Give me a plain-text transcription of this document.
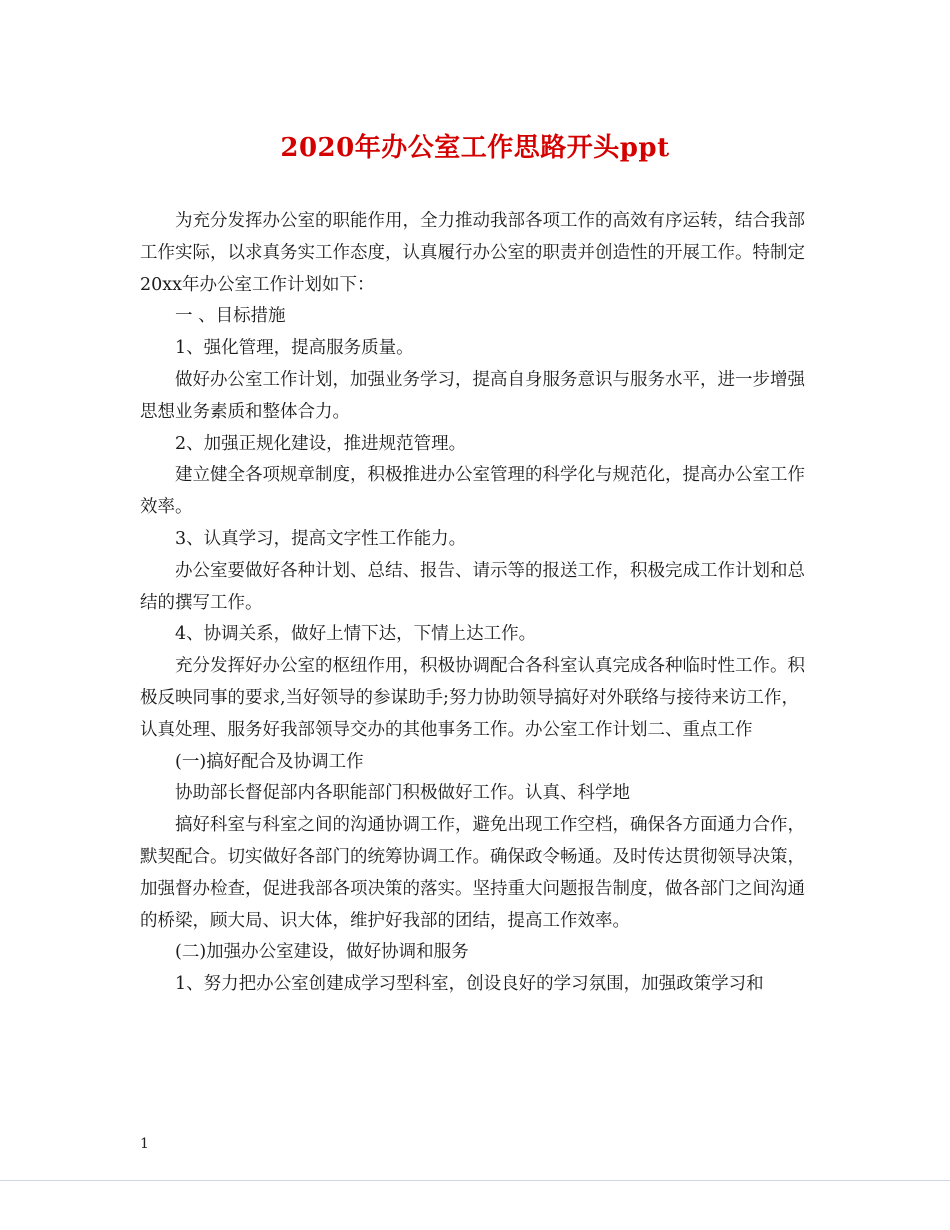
2020年办公室工作思路开头ppt

为充分发挥办公室的职能作用，全力推动我部各项工作的高效有序运转，结合我部工作实际，以求真务实工作态度，认真履行办公室的职责并创造性的开展工作。特制定20xx年办公室工作计划如下：

一 、目标措施

1、强化管理，提高服务质量。

做好办公室工作计划，加强业务学习，提高自身服务意识与服务水平，进一步增强思想业务素质和整体合力。

2、加强正规化建设，推进规范管理。

建立健全各项规章制度，积极推进办公室管理的科学化与规范化，提高办公室工作效率。

3、认真学习，提高文字性工作能力。

办公室要做好各种计划、总结、报告、请示等的报送工作，积极完成工作计划和总结的撰写工作。

4、协调关系，做好上情下达，下情上达工作。

充分发挥好办公室的枢纽作用，积极协调配合各科室认真完成各种临时性工作。积极反映同事的要求,当好领导的参谋助手;努力协助领导搞好对外联络与接待来访工作，认真处理、服务好我部领导交办的其他事务工作。办公室工作计划二、重点工作

(一)搞好配合及协调工作

协助部长督促部内各职能部门积极做好工作。认真、科学地

搞好科室与科室之间的沟通协调工作，避免出现工作空档，确保各方面通力合作，默契配合。切实做好各部门的统筹协调工作。确保政令畅通。及时传达贯彻领导决策，加强督办检查，促进我部各项决策的落实。坚持重大问题报告制度，做各部门之间沟通的桥梁，顾大局、识大体，维护好我部的团结，提高工作效率。

(二)加强办公室建设，做好协调和服务

1、努力把办公室创建成学习型科室，创设良好的学习氛围，加强政策学习和

1
